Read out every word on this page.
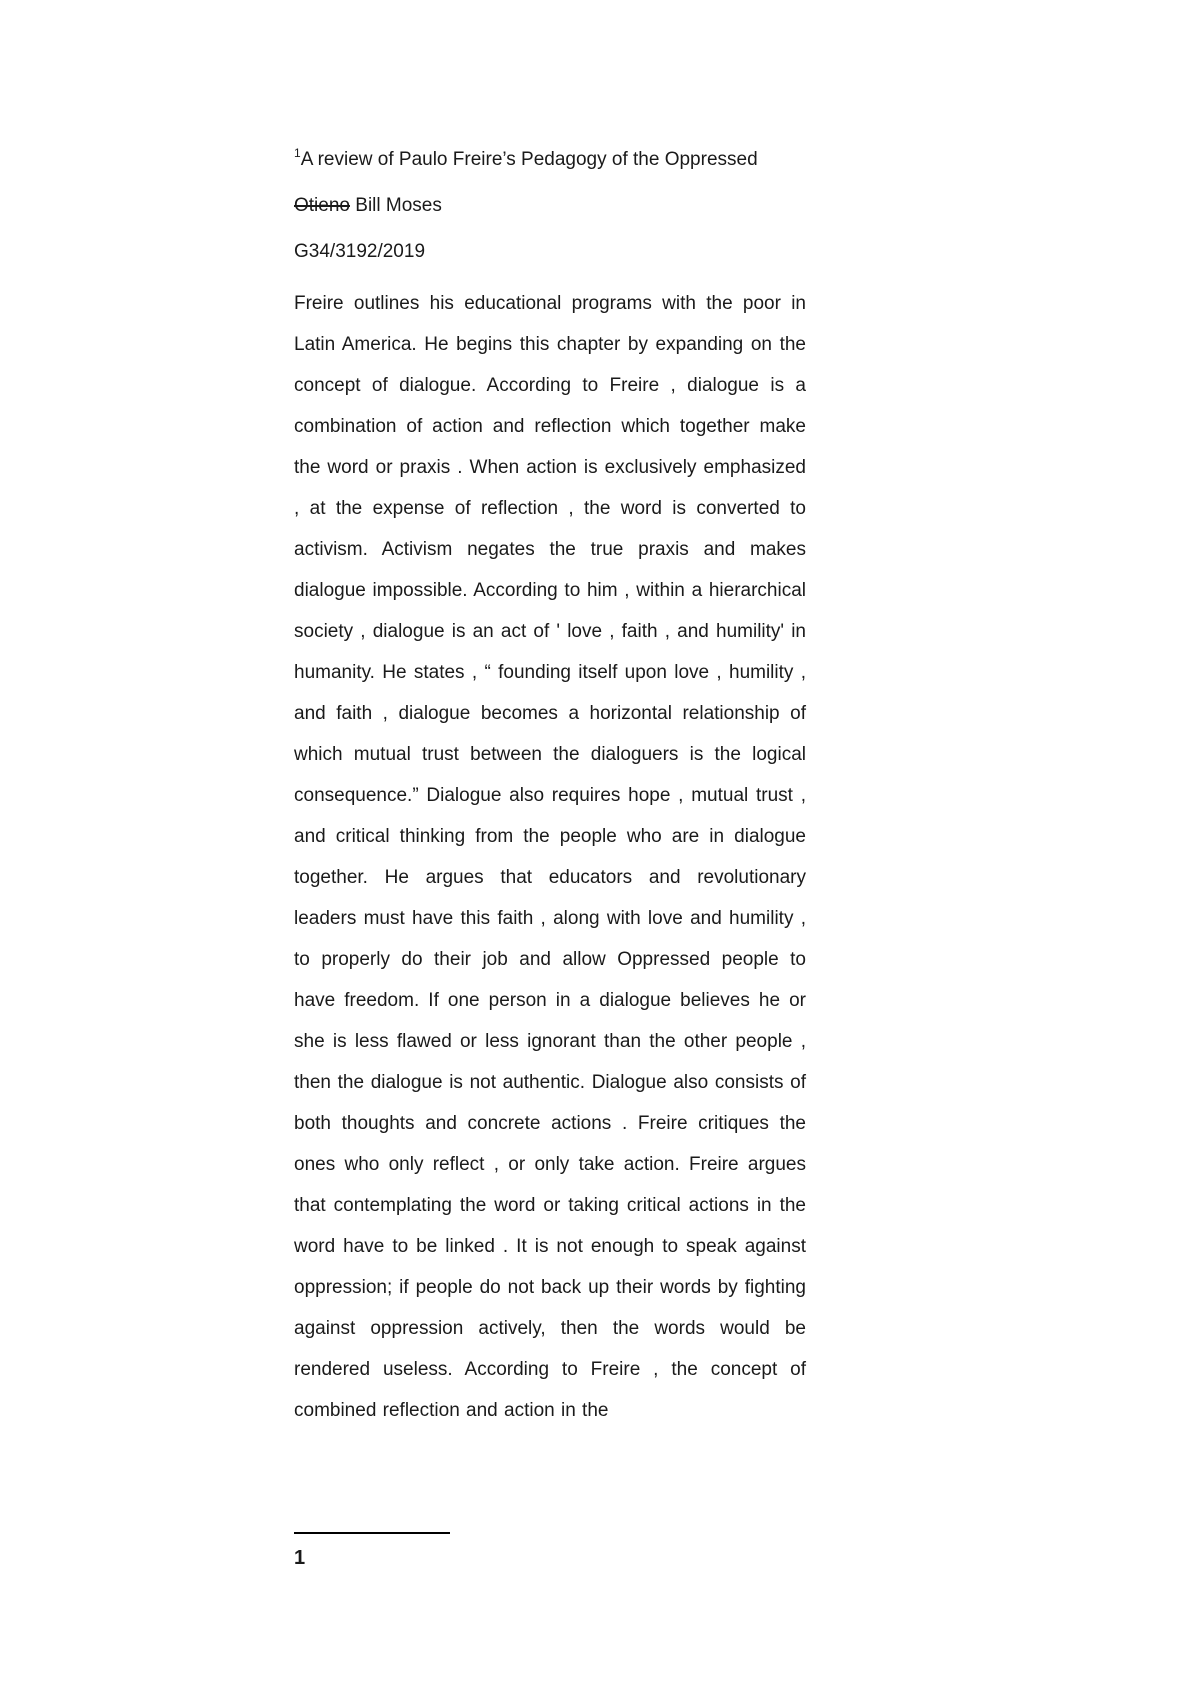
$^1$A review of Paulo Freire’s Pedagogy of the Oppressed
Otieno Bill Moses
G34/3192/2019
Freire outlines his educational programs with the poor in Latin America. He begins this chapter by expanding on the concept of dialogue. According to Freire , dialogue is a combination of action and reflection which together make the word or praxis . When action is exclusively emphasized , at the expense of reflection , the word is converted to activism. Activism negates the true praxis and makes dialogue impossible. According to him , within a hierarchical society , dialogue is an act of ' love , faith , and humility' in humanity. He states , “ founding itself upon love , humility , and faith , dialogue becomes a horizontal relationship of which mutual trust between the dialoguers is the logical consequence.” Dialogue also requires hope , mutual trust , and critical thinking from the people who are in dialogue together. He argues that educators and revolutionary leaders must have this faith , along with love and humility , to properly do their job and allow Oppressed people to have freedom. If one person in a dialogue believes he or she is less flawed or less ignorant than the other people , then the dialogue is not authentic. Dialogue also consists of both thoughts and concrete actions . Freire critiques the ones who only reflect , or only take action. Freire argues that contemplating the word or taking critical actions in the word have to be linked . It is not enough to speak against oppression; if people do not back up their words by fighting against oppression actively, then the words would be rendered useless. According to Freire , the concept of combined reflection and action in the
1
